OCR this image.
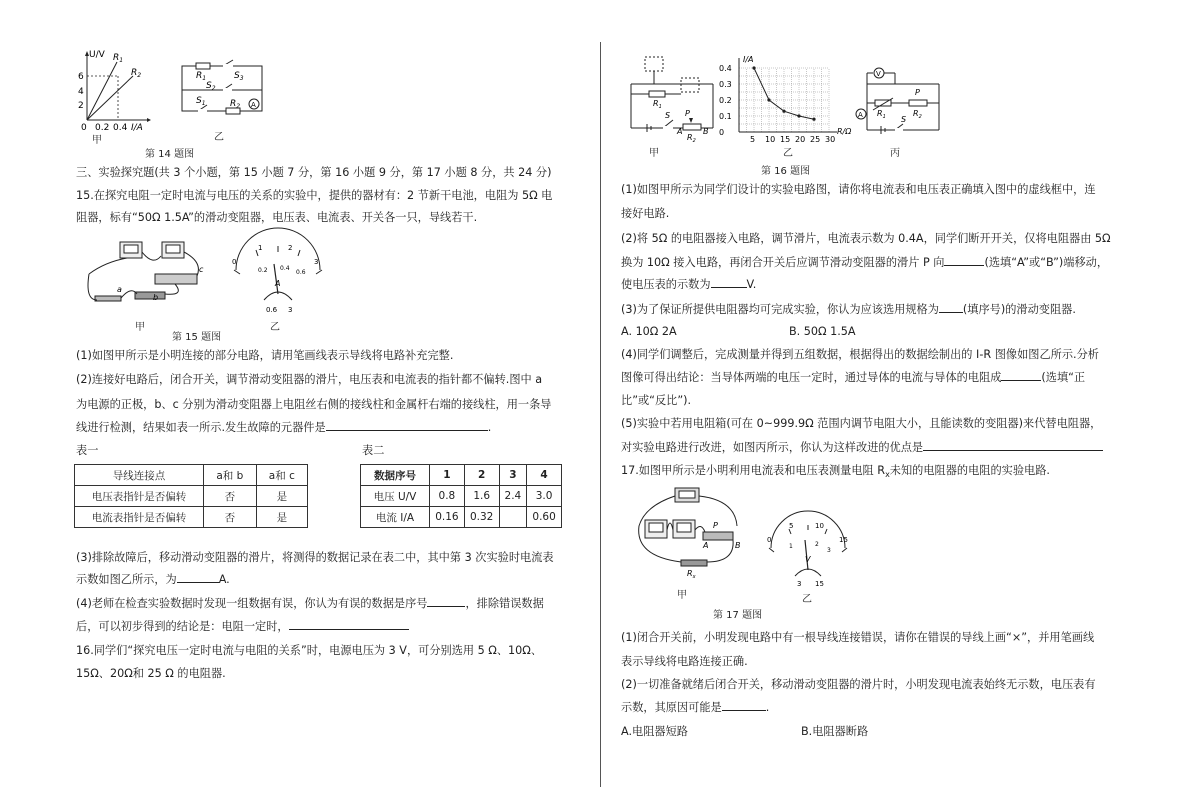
U/V $R_1$
$R_2$
6
4
2
0 0.2 0.4 I/A
甲
A
$R_1$	$S_3$
$S_2$
$S_1$	$R_2$
乙
第 14 题图
三、实验探究题(共 3 个小题，第 15 小题 7 分，第 16 小题 9 分，第 17 小题 8 分，共 24 分)
15.在探究电阻一定时电流与电压的关系的实验中，提供的器材有：2 节新干电池，电阻为 5Ω 电
阻器，标有“50Ω 1.5A”的滑动变阻器，电压表、电流表、开关各一只，导线若干.
a
b
c
甲
0
1	2
3
0.2 0.4
0.6
A
0.6 3
乙
第 15 题图
(1)如图甲所示是小明连接的部分电路，请用笔画线表示导线将电路补充完整.
(2)连接好电路后，闭合开关，调节滑动变阻器的滑片，电压表和电流表的指针都不偏转.图中 a
为电源的正极，b、c 分别为滑动变阻器上电阻丝右侧的接线柱和金属杆右端的接线柱，用一条导
线进行检测，结果如表一所示.发生故障的元器件是	.
表一	表二
导线连接点	a和 b	a和 c
电压表指针是否偏转	否	是
电流表指针是否偏转	否	是
数据序号	1	2	3	4
电压 U/V	0.8	1.6	2.4	3.0
电流 I/A	0.16	0.32		0.60
(3)排除故障后，移动滑动变阻器的滑片，将测得的数据记录在表二中，其中第 3 次实验时电流表
示数如图乙所示，为	A.
(4)老师在检查实验数据时发现一组数据有误，你认为有误的数据是序号	，排除错误数据
后，可以初步得到的结论是：电阻一定时，
16.同学们“探究电压一定时电流与电阻的关系”时，电源电压为 3 V，可分别选用 5 Ω、10Ω、
15Ω、20Ω和 25 Ω 的电阻器.
$R_1$
S P
A
$R_2$
B
甲
I/A
R/Ω
0.4
0.3
0.2
0.1
0
5 10 15 20 25 30
乙
V
A
P
$R_1$	$R_2$
S
丙
第 16 题图
(1)如图甲所示为同学们设计的实验电路图，请你将电流表和电压表正确填入图中的虚线框中，连
接好电路.
(2)将 5Ω 的电阻器接入电路，调节滑片，电流表示数为 0.4A，同学们断开开关，仅将电阻器由 5Ω
换为 10Ω 接入电路，再闭合开关后应调节滑动变阻器的滑片 P 向	(选填“A”或“B”)端移动，
使电压表的示数为	V.
(3)为了保证所提供电阻器均可完成实验，你认为应该选用规格为 (填序号)的滑动变阻器.
A. 10Ω 2A	B. 50Ω 1.5A
(4)同学们调整后，完成测量并得到五组数据，根据得出的数据绘制出的 I-R 图像如图乙所示.分析
图像可得出结论：当导体两端的电压一定时，通过导体的电流与导体的电阻成	(选填“正
比”或“反比”).
(5)实验中若用电阻箱(可在 0~999.9Ω 范围内调节电阻大小，且能读数的变阻器)来代替电阻器，
对实验电路进行改进，如图丙所示，你认为这样改进的优点是
17.如图甲所示是小明利用电流表和电压表测量电阻 $R_x$未知的电阻器的电阻的实验电路.
P
A	B
$R_x$
甲
0
5	10
15
1	2
3
V
3 15
乙
第 17 题图
(1)闭合开关前，小明发现电路中有一根导线连接错误，请你在错误的导线上画“×”，并用笔画线
表示导线将电路连接正确.
(2)一切准备就绪后闭合开关，移动滑动变阻器的滑片时，小明发现电流表始终无示数，电压表有
示数，其原因可能是	.
A.电阻器短路	B.电阻器断路
